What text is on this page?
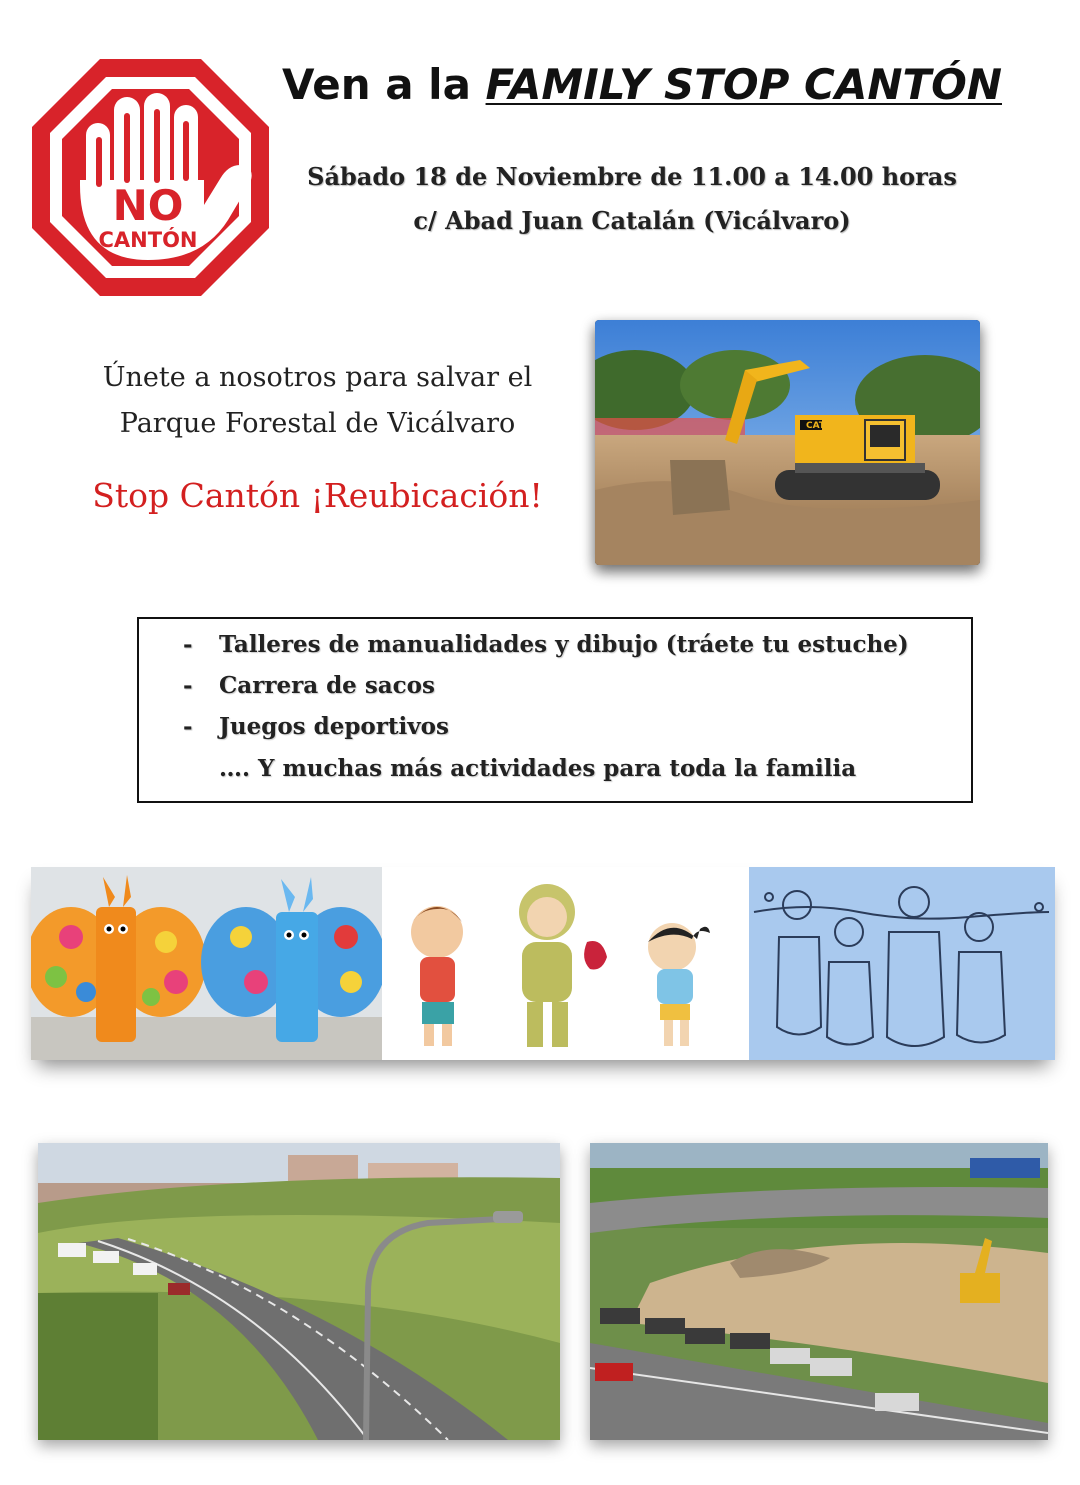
NO
CANTÓN
Ven a la FAMILY STOP CANTÓN
Sábado 18 de Noviembre de 11.00 a 14.00 horas
c/ Abad Juan Catalán (Vicálvaro)
Únete a nosotros para salvar el
Parque Forestal de Vicálvaro
Stop Cantón ¡Reubicación!
CAT
- Talleres de manualidades y dibujo (tráete tu estuche)
- Carrera de sacos
- Juegos deportivos
…. Y muchas más actividades para toda la familia
